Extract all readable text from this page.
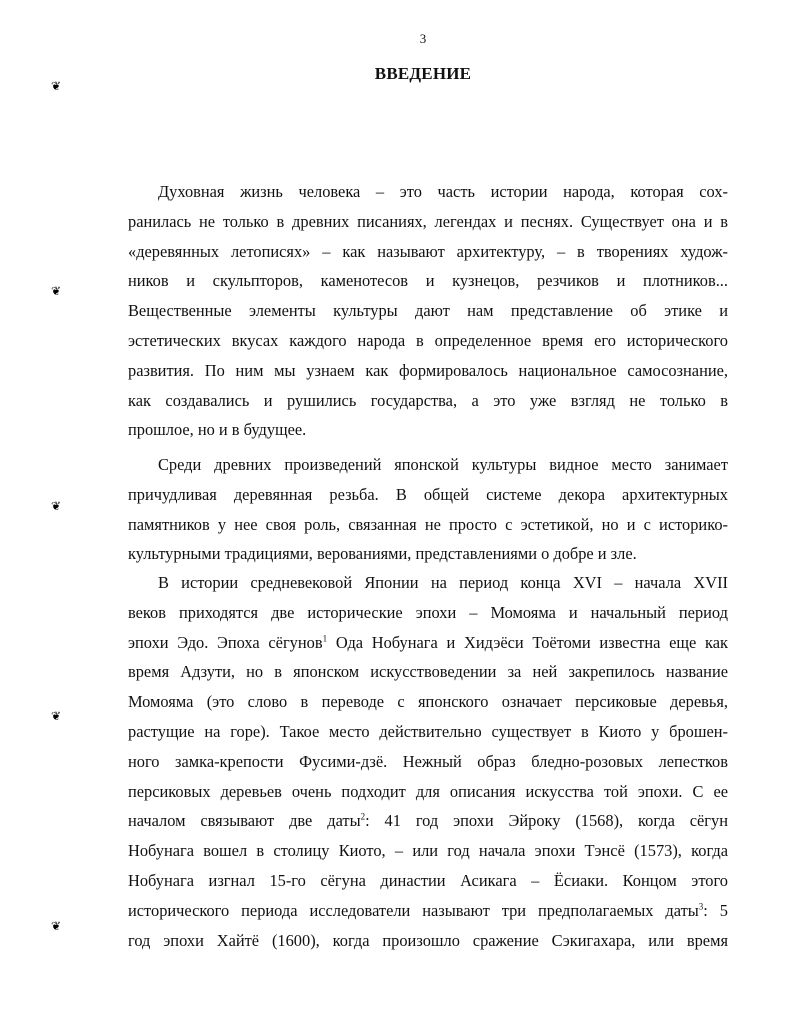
3
ВВЕДЕНИЕ
❦
❦
❦
❦
❦
Духовная жизнь человека – это часть истории народа, которая сох-
ранилась не только в древних писаниях, легендах и песнях. Существует она и в
«деревянных летописях» – как называют архитектуру, – в творениях худож-
ников и скульпторов, каменотесов и кузнецов, резчиков и плотников...
Вещественные элементы культуры дают нам представление об этике и
эстетических вкусах каждого народа в определенное время его исторического
развития. По ним мы узнаем как формировалось национальное самосознание,
как создавались и рушились государства, а это уже взгляд не только в
прошлое, но и в будущее.
Среди древних произведений японской культуры видное место занимает
причудливая деревянная резьба. В общей системе декора архитектурных
памятников у нее своя роль, связанная не просто с эстетикой, но и с историко-
культурными традициями, верованиями, представлениями о добре и зле.
В истории средневековой Японии на период конца XVI – начала XVII
веков приходятся две исторические эпохи – Момояма и начальный период
эпохи Эдо. Эпоха сёгунов$^1$ Ода Нобунага и Хидэёси Тоётоми известна еще как
время Адзути, но в японском искусствоведении за ней закрепилось название
Момояма (это слово в переводе с японского означает персиковые деревья,
растущие на горе). Такое место действительно существует в Киото у брошен-
ного замка-крепости Фусими-дзё. Нежный образ бледно-розовых лепестков
персиковых деревьев очень подходит для описания искусства той эпохи. С ее
началом связывают две даты$^2$: 41 год эпохи Эйроку (1568), когда сёгун
Нобунага вошел в столицу Киото, – или год начала эпохи Тэнсё (1573), когда
Нобунага изгнал 15-го сёгуна династии Асикага – Ёсиаки. Концом этого
исторического периода исследователи называют три предполагаемых даты$^3$: 5
год эпохи Хайтё (1600), когда произошло сражение Сэкигахара, или время
